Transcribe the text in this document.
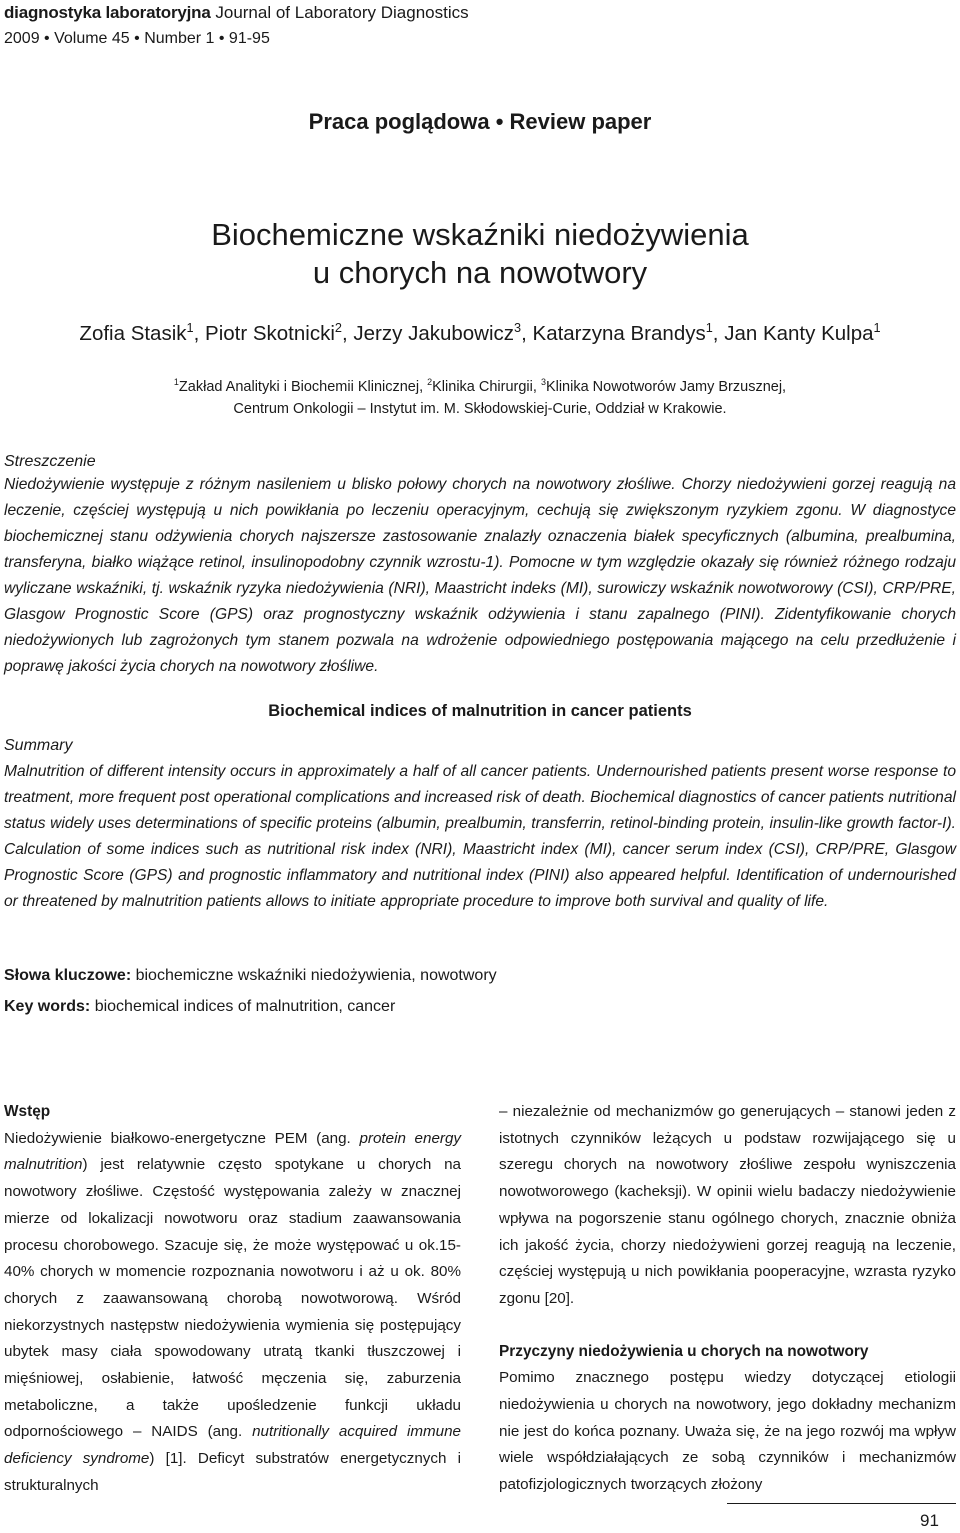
diagnostyka laboratoryjna Journal of Laboratory Diagnostics
2009 • Volume 45 • Number 1 • 91-95
Praca poglądowa • Review paper
Biochemiczne wskaźniki niedożywienia
u chorych na nowotwory
Zofia Stasik$^1$, Piotr Skotnicki$^2$, Jerzy Jakubowicz$^3$, Katarzyna Brandys$^1$, Jan Kanty Kulpa$^1$
$^1$Zakład Analityki i Biochemii Klinicznej, $^2$Klinika Chirurgii, $^3$Klinika Nowotworów Jamy Brzusznej,
Centrum Onkologii – Instytut im. M. Skłodowskiej-Curie, Oddział w Krakowie.
Streszczenie
Niedożywienie występuje z różnym nasileniem u blisko połowy chorych na nowotwory złośliwe. Chorzy niedożywieni gorzej reagują na leczenie, częściej występują u nich powikłania po leczeniu operacyjnym, cechują się zwiększonym ryzykiem zgonu. W diagnostyce biochemicznej stanu odżywienia chorych najszersze zastosowanie znalazły oznaczenia białek specyficznych (albumina, prealbumina, transferyna, białko wiążące retinol, insulinopodobny czynnik wzrostu-1). Pomocne w tym względzie okazały się również różnego rodzaju wyliczane wskaźniki, tj. wskaźnik ryzyka niedożywienia (NRI), Maastricht indeks (MI), surowiczy wskaźnik nowotworowy (CSI), CRP/PRE, Glasgow Prognostic Score (GPS) oraz prognostyczny wskaźnik odżywienia i stanu zapalnego (PINI). Zidentyfikowanie chorych niedożywionych lub zagrożonych tym stanem pozwala na wdrożenie odpowiedniego postępowania mającego na celu przedłużenie i poprawę jakości życia chorych na nowotwory złośliwe.
Biochemical indices of malnutrition in cancer patients
Summary
Malnutrition of different intensity occurs in approximately a half of all cancer patients. Undernourished patients present worse response to treatment, more frequent post operational complications and increased risk of death. Biochemical diagnostics of cancer patients nutritional status widely uses determinations of specific proteins (albumin, prealbumin, transferrin, retinol-binding protein, insulin-like growth factor-I). Calculation of some indices such as nutritional risk index (NRI), Maastricht index (MI), cancer serum index (CSI), CRP/PRE, Glasgow Prognostic Score (GPS) and prognostic inflammatory and nutritional index (PINI) also appeared helpful. Identification of undernourished or threatened by malnutrition patients allows to initiate appropriate procedure to improve both survival and quality of life.
Słowa kluczowe: biochemiczne wskaźniki niedożywienia, nowotwory
Key words: biochemical indices of malnutrition, cancer
Wstęp

Niedożywienie białkowo-energetyczne PEM (ang. protein energy malnutrition) jest relatywnie często spotykane u chorych na nowotwory złośliwe. Częstość występowania zależy w znacznej mierze od lokalizacji nowotworu oraz stadium zaawansowania procesu chorobowego. Szacuje się, że może występować u ok.15-40% chorych w momencie rozpoznania nowotworu i aż u ok. 80% chorych z zaawansowaną chorobą nowotworową. Wśród niekorzystnych następstw niedożywienia wymienia się postępujący ubytek masy ciała spowodowany utratą tkanki tłuszczowej i mięśniowej, osłabienie, łatwość męczenia się, zaburzenia metaboliczne, a także upośledzenie funkcji układu odpornościowego – NAIDS (ang. nutritionally acquired immune deficiency syndrome) [1]. Deficyt substratów energetycznych i strukturalnych

– niezależnie od mechanizmów go generujących – stanowi jeden z istotnych czynników leżących u podstaw rozwijającego się u szeregu chorych na nowotwory złośliwe zespołu wyniszczenia nowotworowego (kacheksji). W opinii wielu badaczy niedożywienie wpływa na pogorszenie stanu ogólnego chorych, znacznie obniża ich jakość życia, chorzy niedożywieni gorzej reagują na leczenie, częściej występują u nich powikłania pooperacyjne, wzrasta ryzyko zgonu [20].

Przyczyny niedożywienia u chorych na nowotwory

Pomimo znacznego postępu wiedzy dotyczącej etiologii niedożywienia u chorych na nowotwory, jego dokładny mechanizm nie jest do końca poznany. Uważa się, że na jego rozwój ma wpływ wiele współdziałających ze sobą czynników i mechanizmów patofizjologicznych tworzących złożony

91
